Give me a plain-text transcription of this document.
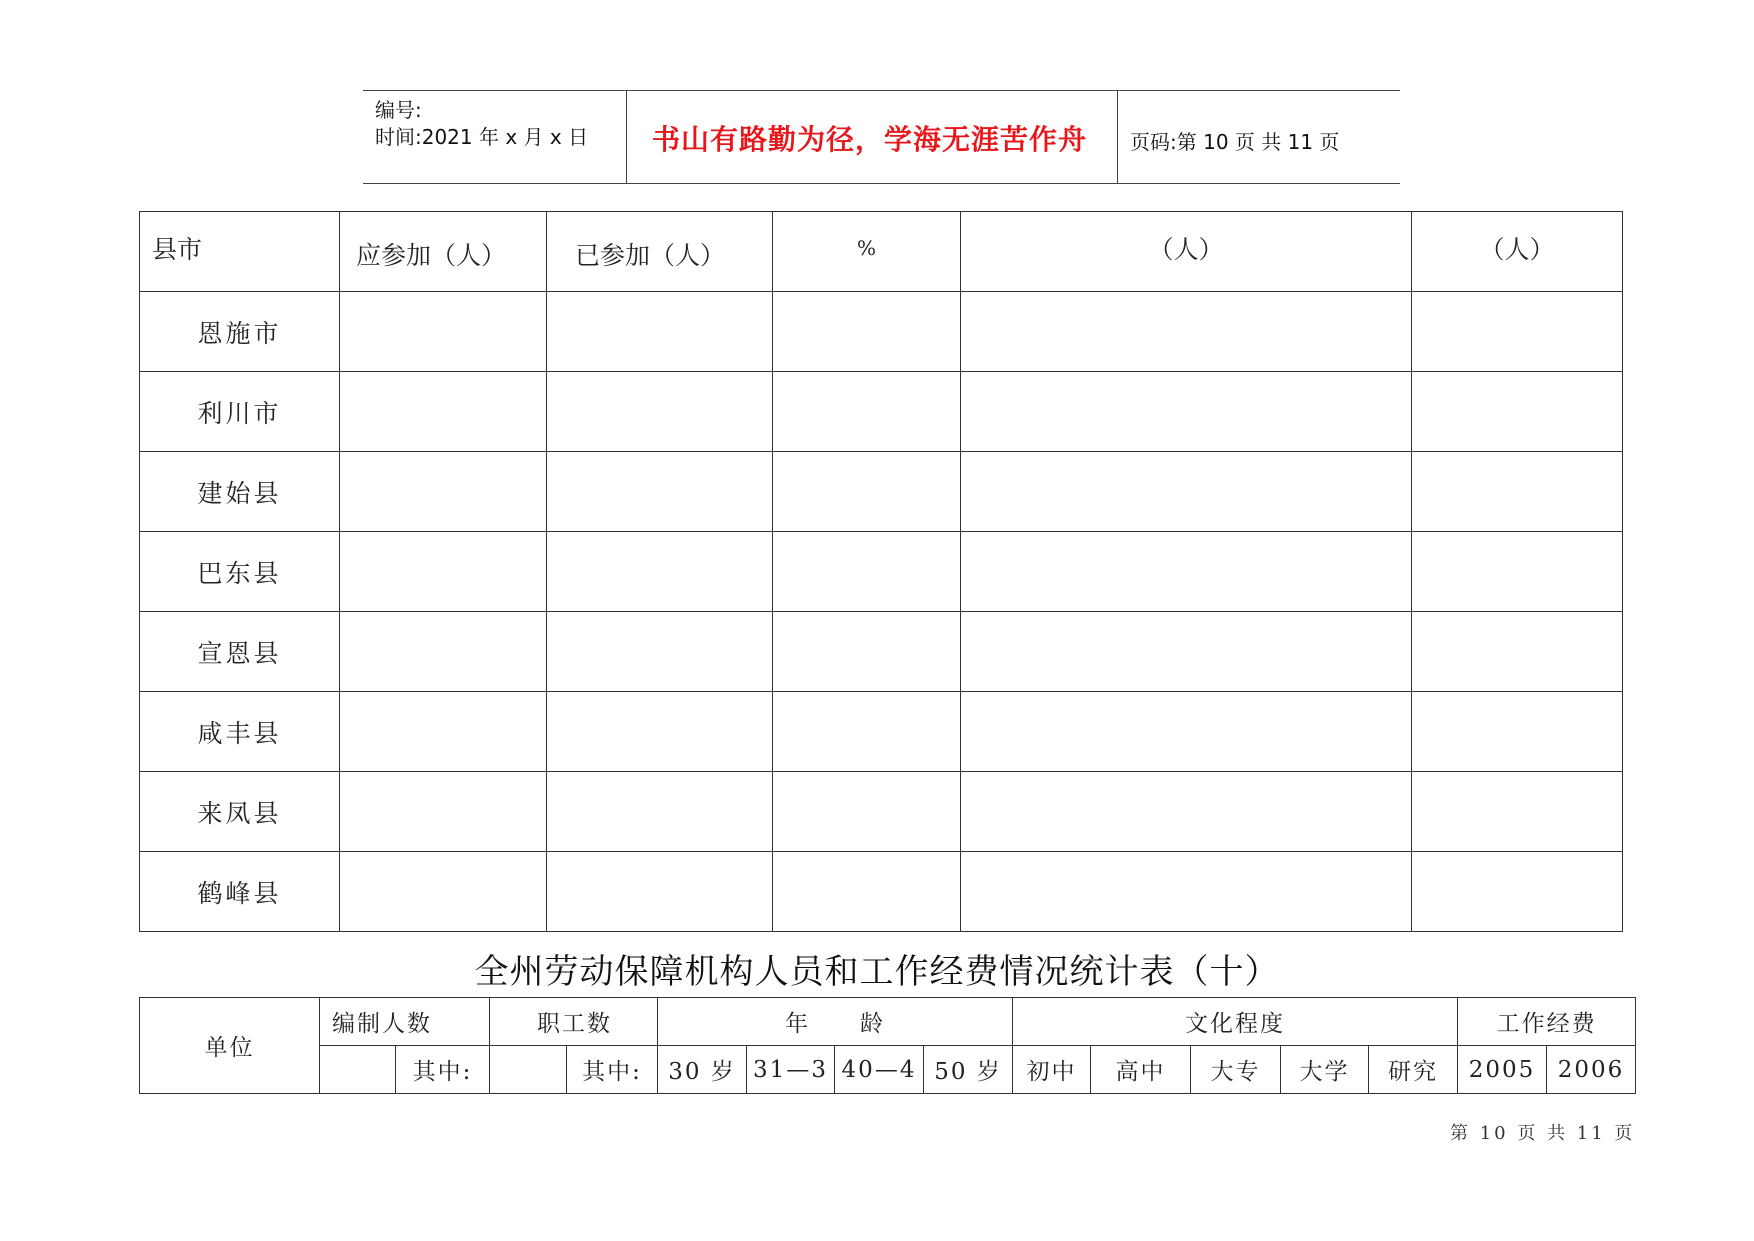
编号:
时间:2021 年 x 月 x 日 书山有路勤为径，学海无涯苦作舟 页码:第 10 页 共 11 页
县市	应参加（人）	已参加（人）	%	（人）	（人）
恩施市					
利川市					
建始县					
巴东县					
宣恩县					
咸丰县					
来凤县					
鹤峰县					
全州劳动保障机构人员和工作经费情况统计表（十）
单位	编制人数		职工数		年　　龄				文化程度					工作经费	
		其中:		其中:	30 岁	31—3	40—4	50 岁	初中	高中	大专	大学	研究	2005	2006
第 10 页 共 11 页
